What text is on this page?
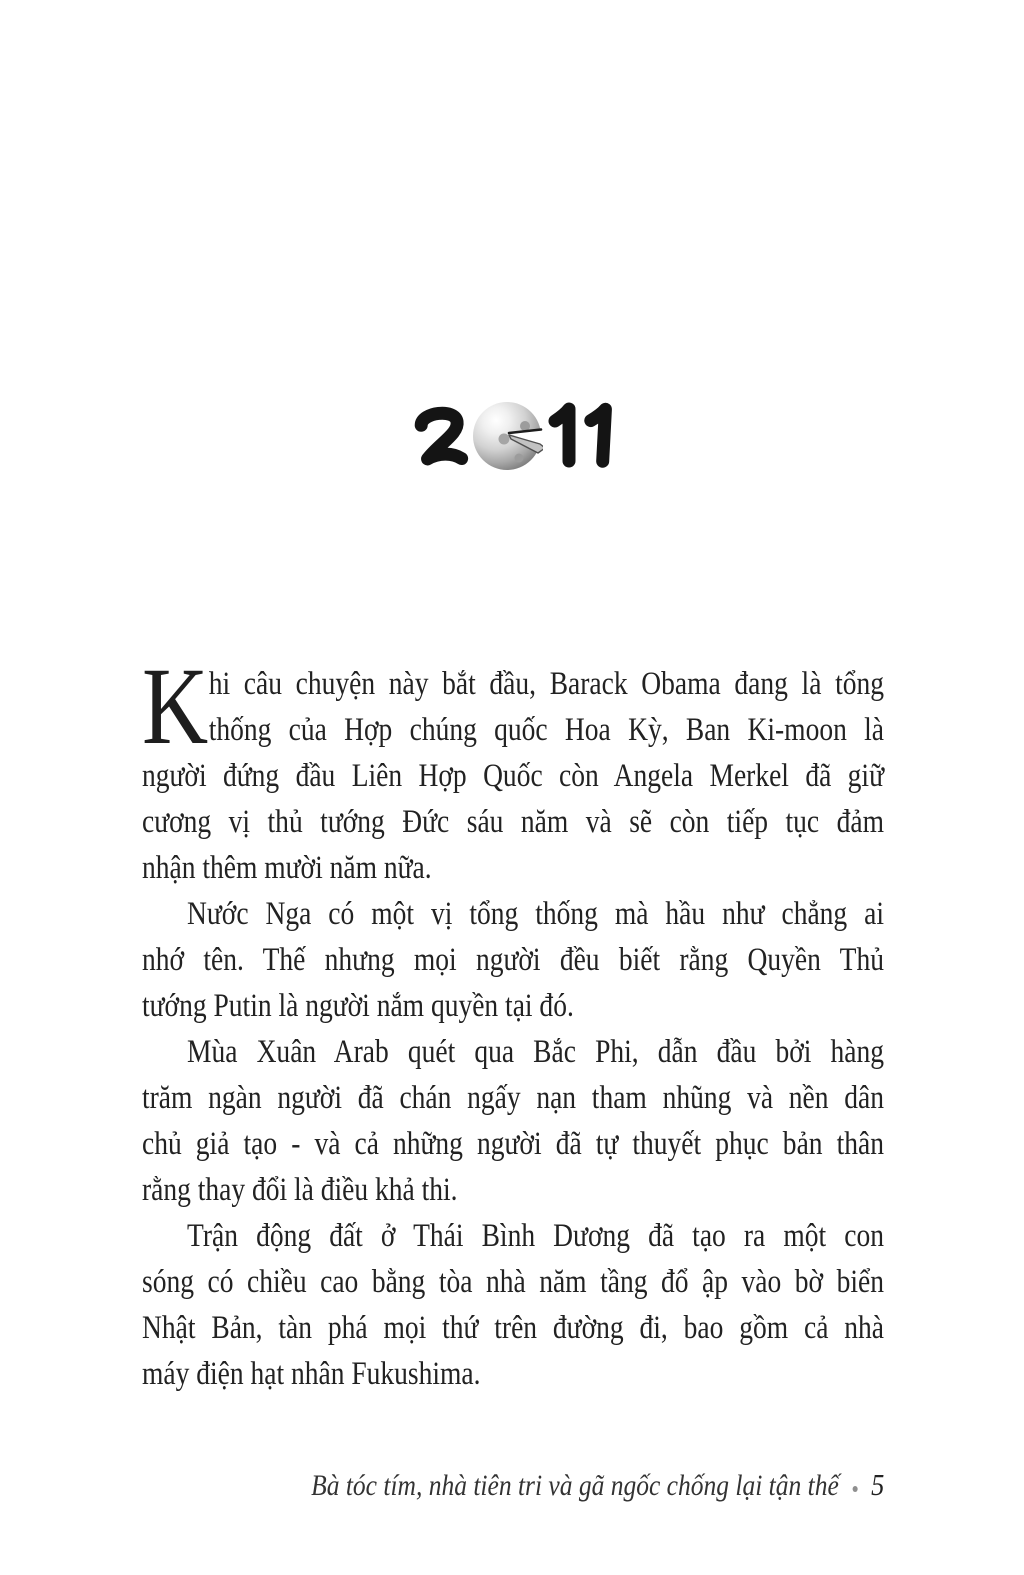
K hi câu chuyện này bắt đầu, Barack Obama đang là tổng
thống của Hợp chúng quốc Hoa Kỳ, Ban Ki-moon là
người đứng đầu Liên Hợp Quốc còn Angela Merkel đã giữ
cương vị thủ tướng Đức sáu năm và sẽ còn tiếp tục đảm
nhận thêm mười năm nữa.
Nước Nga có một vị tổng thống mà hầu như chẳng ai
nhớ tên. Thế nhưng mọi người đều biết rằng Quyền Thủ
tướng Putin là người nắm quyền tại đó.
Mùa Xuân Arab quét qua Bắc Phi, dẫn đầu bởi hàng
trăm ngàn người đã chán ngấy nạn tham nhũng và nền dân
chủ giả tạo - và cả những người đã tự thuyết phục bản thân
rằng thay đổi là điều khả thi.
Trận động đất ở Thái Bình Dương đã tạo ra một con
sóng có chiều cao bằng tòa nhà năm tầng đổ ập vào bờ biển
Nhật Bản, tàn phá mọi thứ trên đường đi, bao gồm cả nhà
máy điện hạt nhân Fukushima.
Bà tóc tím, nhà tiên tri và gã ngốc chống lại tận thế 5
